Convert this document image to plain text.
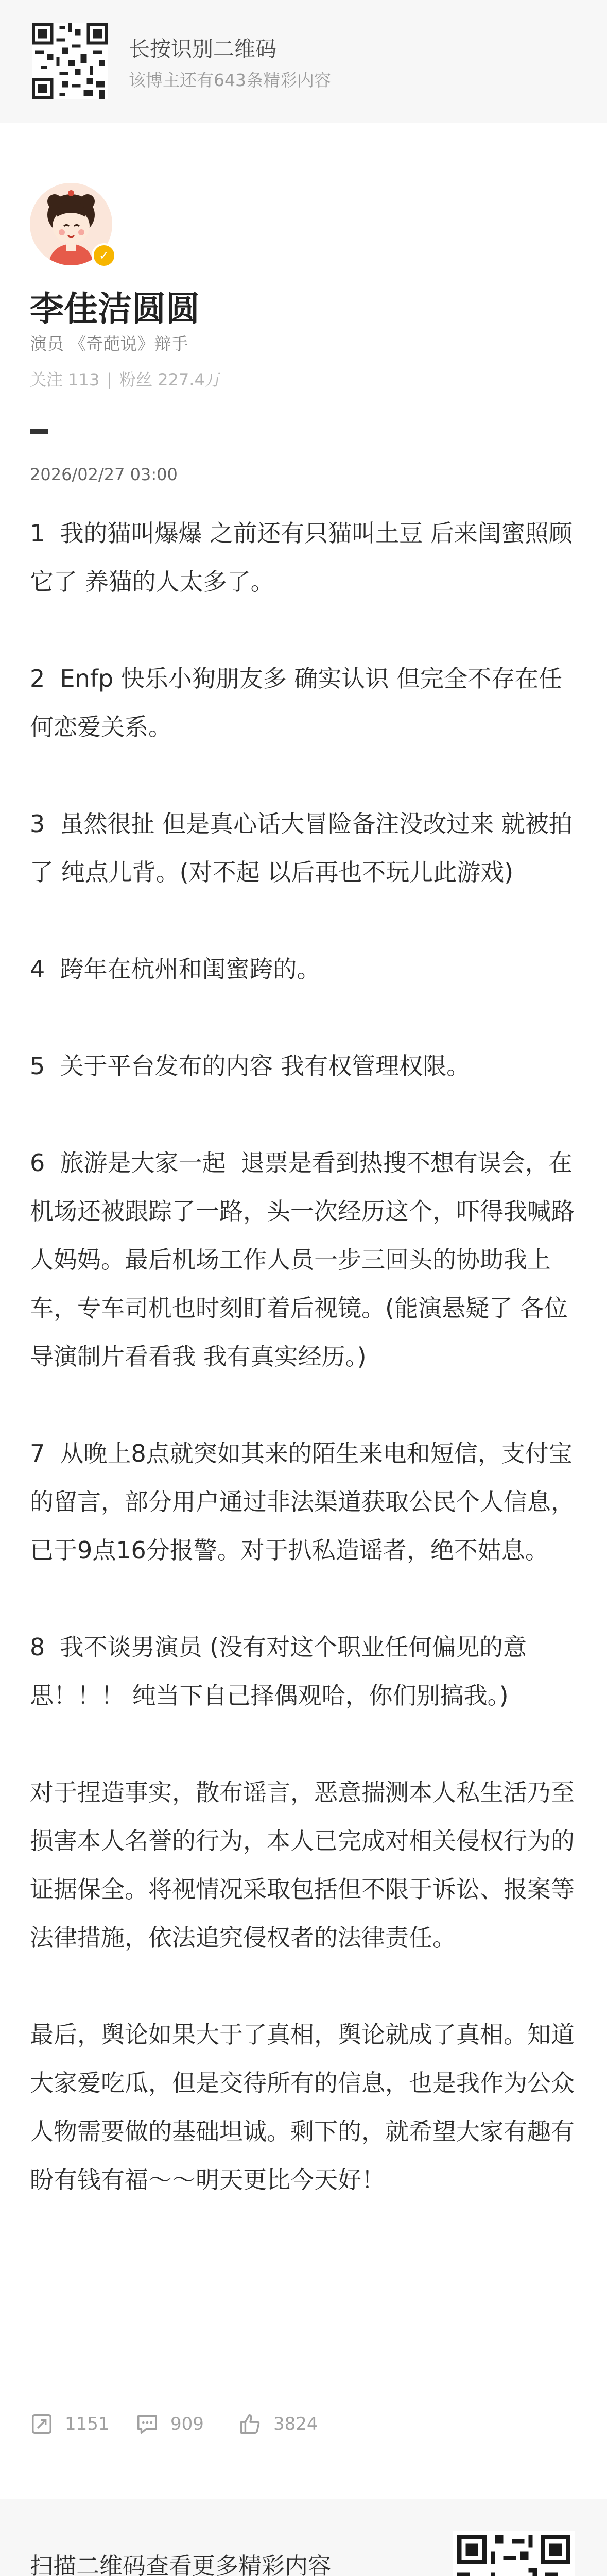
长按识别二维码
该博主还有643条精彩内容
✓
李佳洁圆圆
演员 《奇葩说》辩手
关注 113 | 粉丝 227.4万
2026/02/27 03:00

1  我的猫叫爆爆 之前还有只猫叫土豆 后来闺蜜照顾它了 养猫的人太多了。

2  Enfp 快乐小狗朋友多 确实认识 但完全不存在任何恋爱关系。

3  虽然很扯 但是真心话大冒险备注没改过来 就被拍了 纯点儿背。(对不起 以后再也不玩儿此游戏)

4  跨年在杭州和闺蜜跨的。

5  关于平台发布的内容 我有权管理权限。

6  旅游是大家一起  退票是看到热搜不想有误会，在机场还被跟踪了一路，头一次经历这个，吓得我喊路人妈妈。最后机场工作人员一步三回头的协助我上车，专车司机也时刻盯着后视镜。(能演悬疑了 各位导演制片看看我 我有真实经历。)

7  从晚上8点就突如其来的陌生来电和短信，支付宝的留言，部分用户通过非法渠道获取公民个人信息，已于9点16分报警。对于扒私造谣者，绝不姑息。

8  我不谈男演员 (没有对这个职业任何偏见的意思！！！ 纯当下自己择偶观哈，你们别搞我。)

对于捏造事实，散布谣言，恶意揣测本人私生活乃至损害本人名誉的行为，本人已完成对相关侵权行为的证据保全。将视情况采取包括但不限于诉讼、报案等法律措施，依法追究侵权者的法律责任。

最后，舆论如果大于了真相，舆论就成了真相。知道大家爱吃瓜，但是交待所有的信息，也是我作为公众人物需要做的基础坦诚。剩下的，就希望大家有趣有盼有钱有福～～明天更比今天好！

1151	909	3824
扫描二维码查看更多精彩内容
